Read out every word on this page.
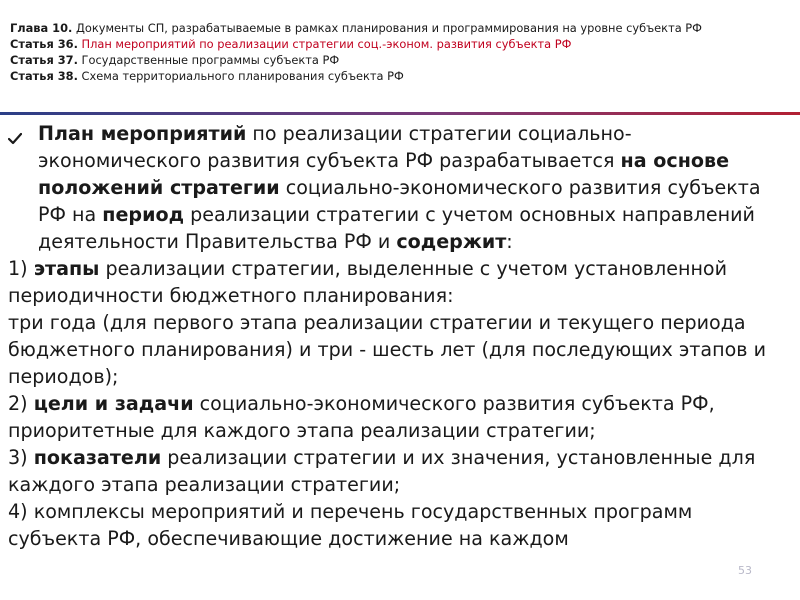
Глава 10. Документы СП, разрабатываемые в рамках планирования и программирования на уровне субъекта РФ
Статья 36. План мероприятий по реализации стратегии соц.-эконом. развития субъекта РФ
Статья 37. Государственные программы субъекта РФ
Статья 38. Схема территориального планирования субъекта РФ
План мероприятий по реализации стратегии социально-экономического развития субъекта РФ разрабатывается на основе положений стратегии социально-экономического развития субъекта РФ на период реализации стратегии с учетом основных направлений деятельности Правительства РФ и содержит:
1) этапы реализации стратегии, выделенные с учетом установленной периодичности бюджетного планирования:
три года (для первого этапа реализации стратегии и текущего периода бюджетного планирования) и три - шесть лет (для последующих этапов и периодов);
2) цели и задачи социально-экономического развития субъекта РФ, приоритетные для каждого этапа реализации стратегии;
3) показатели реализации стратегии и их значения, установленные для каждого этапа реализации стратегии;
4) комплексы мероприятий и перечень государственных программ субъекта РФ, обеспечивающие достижение на каждом
53
